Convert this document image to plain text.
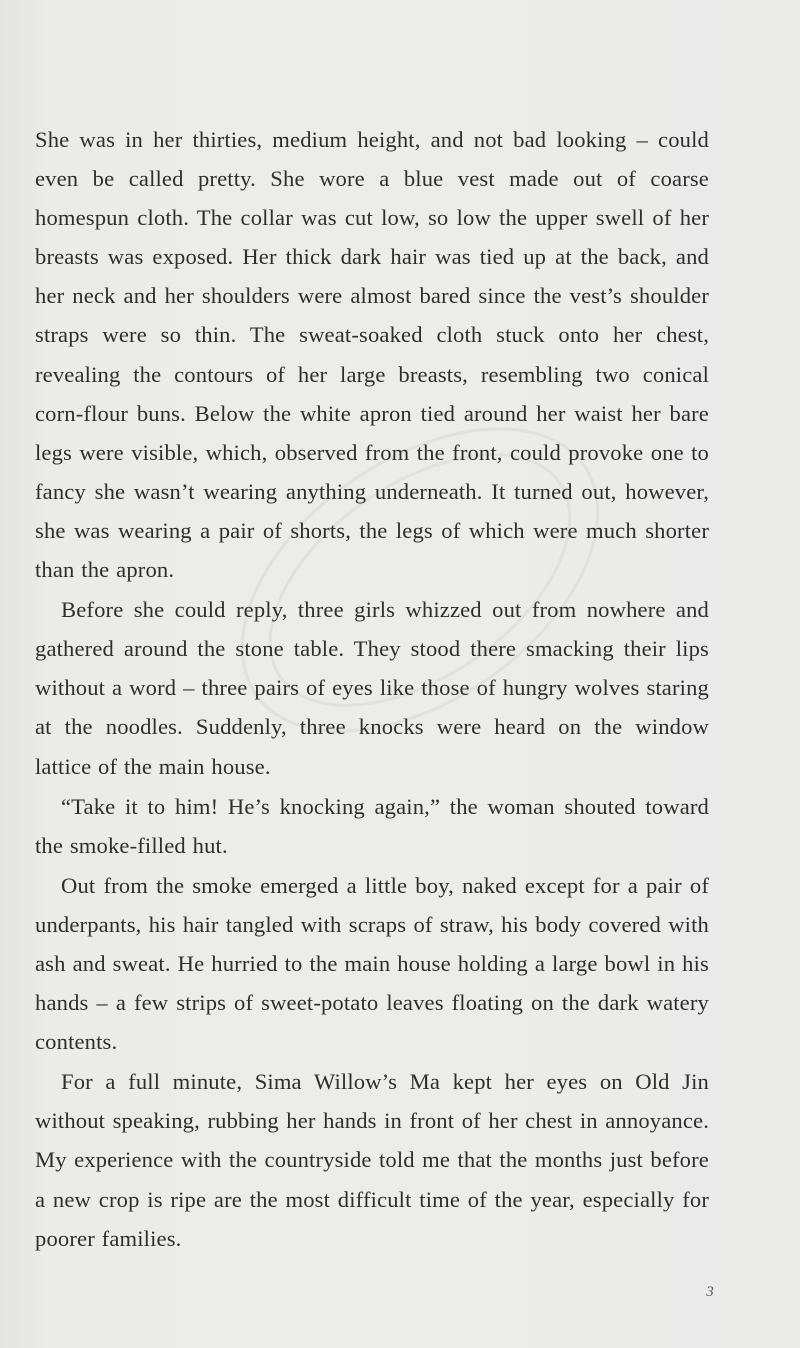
She was in her thirties, medium height, and not bad looking – could even be called pretty. She wore a blue vest made out of coarse homespun cloth. The collar was cut low, so low the upper swell of her breasts was exposed. Her thick dark hair was tied up at the back, and her neck and her shoulders were almost bared since the vest’s shoulder straps were so thin. The sweat-soaked cloth stuck onto her chest, revealing the contours of her large breasts, resembling two conical corn-flour buns. Below the white apron tied around her waist her bare legs were visible, which, observed from the front, could provoke one to fancy she wasn’t wearing anything underneath. It turned out, however, she was wearing a pair of shorts, the legs of which were much shorter than the apron.

Before she could reply, three girls whizzed out from nowhere and gathered around the stone table. They stood there smacking their lips without a word – three pairs of eyes like those of hungry wolves staring at the noodles. Suddenly, three knocks were heard on the window lattice of the main house.

“Take it to him! He’s knocking again,” the woman shouted toward the smoke-filled hut.

Out from the smoke emerged a little boy, naked except for a pair of underpants, his hair tangled with scraps of straw, his body covered with ash and sweat. He hurried to the main house holding a large bowl in his hands – a few strips of sweet-potato leaves floating on the dark watery contents.

For a full minute, Sima Willow’s Ma kept her eyes on Old Jin without speaking, rubbing her hands in front of her chest in annoyance. My experience with the countryside told me that the months just before a new crop is ripe are the most difficult time of the year, especially for poorer families.

3
